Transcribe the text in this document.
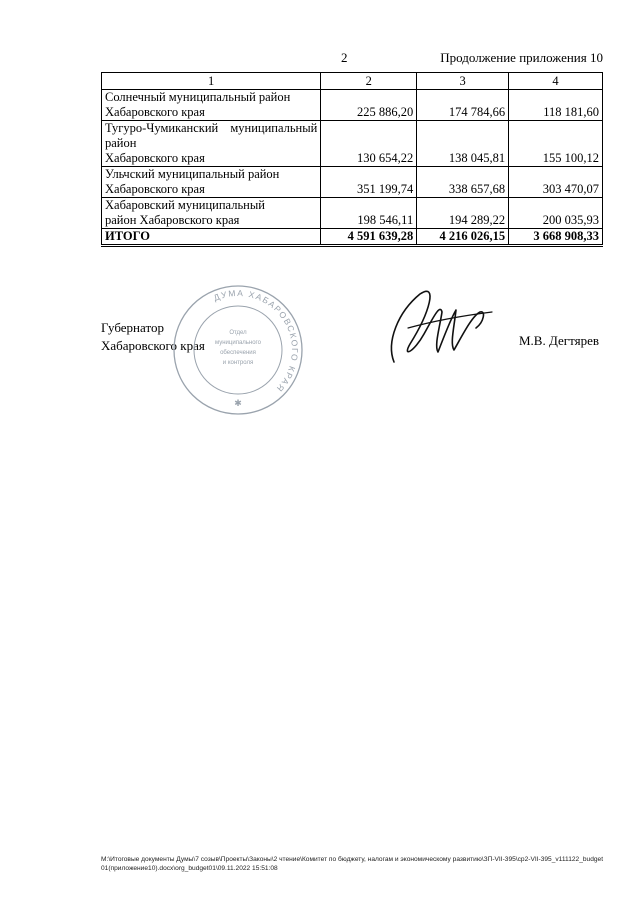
2	Продолжение приложения 10
1	2	3	4
Солнечный муниципальный район
Хабаровского края	225 886,20	174 784,66	118 181,60
Тугуро-Чумиканский муниципальный район
Хабаровского края	130 654,22	138 045,81	155 100,12
Ульчский муниципальный район
Хабаровского края	351 199,74	338 657,68	303 470,07
Хабаровский муниципальный
район Хабаровского края	198 546,11	194 289,22	200 035,93
ИТОГО	4 591 639,28	4 216 026,15	3 668 908,33
Губернатор
Хабаровского края
ДУМА ХАБАРОВСКОГО КРАЯ
Отдел
муниципального
обеспечения
и контроля
✱
М.В. Дегтярев
М:\Итоговые документы Думы\7 созыв\Проекты\Законы\2 чтение\Комитет по бюджету, налогам и экономическому развитию\ЗП-VII-395\ср2-VII-395_v111122_budget01(приложение10).docx\org_budget01\09.11.2022 15:51:08
